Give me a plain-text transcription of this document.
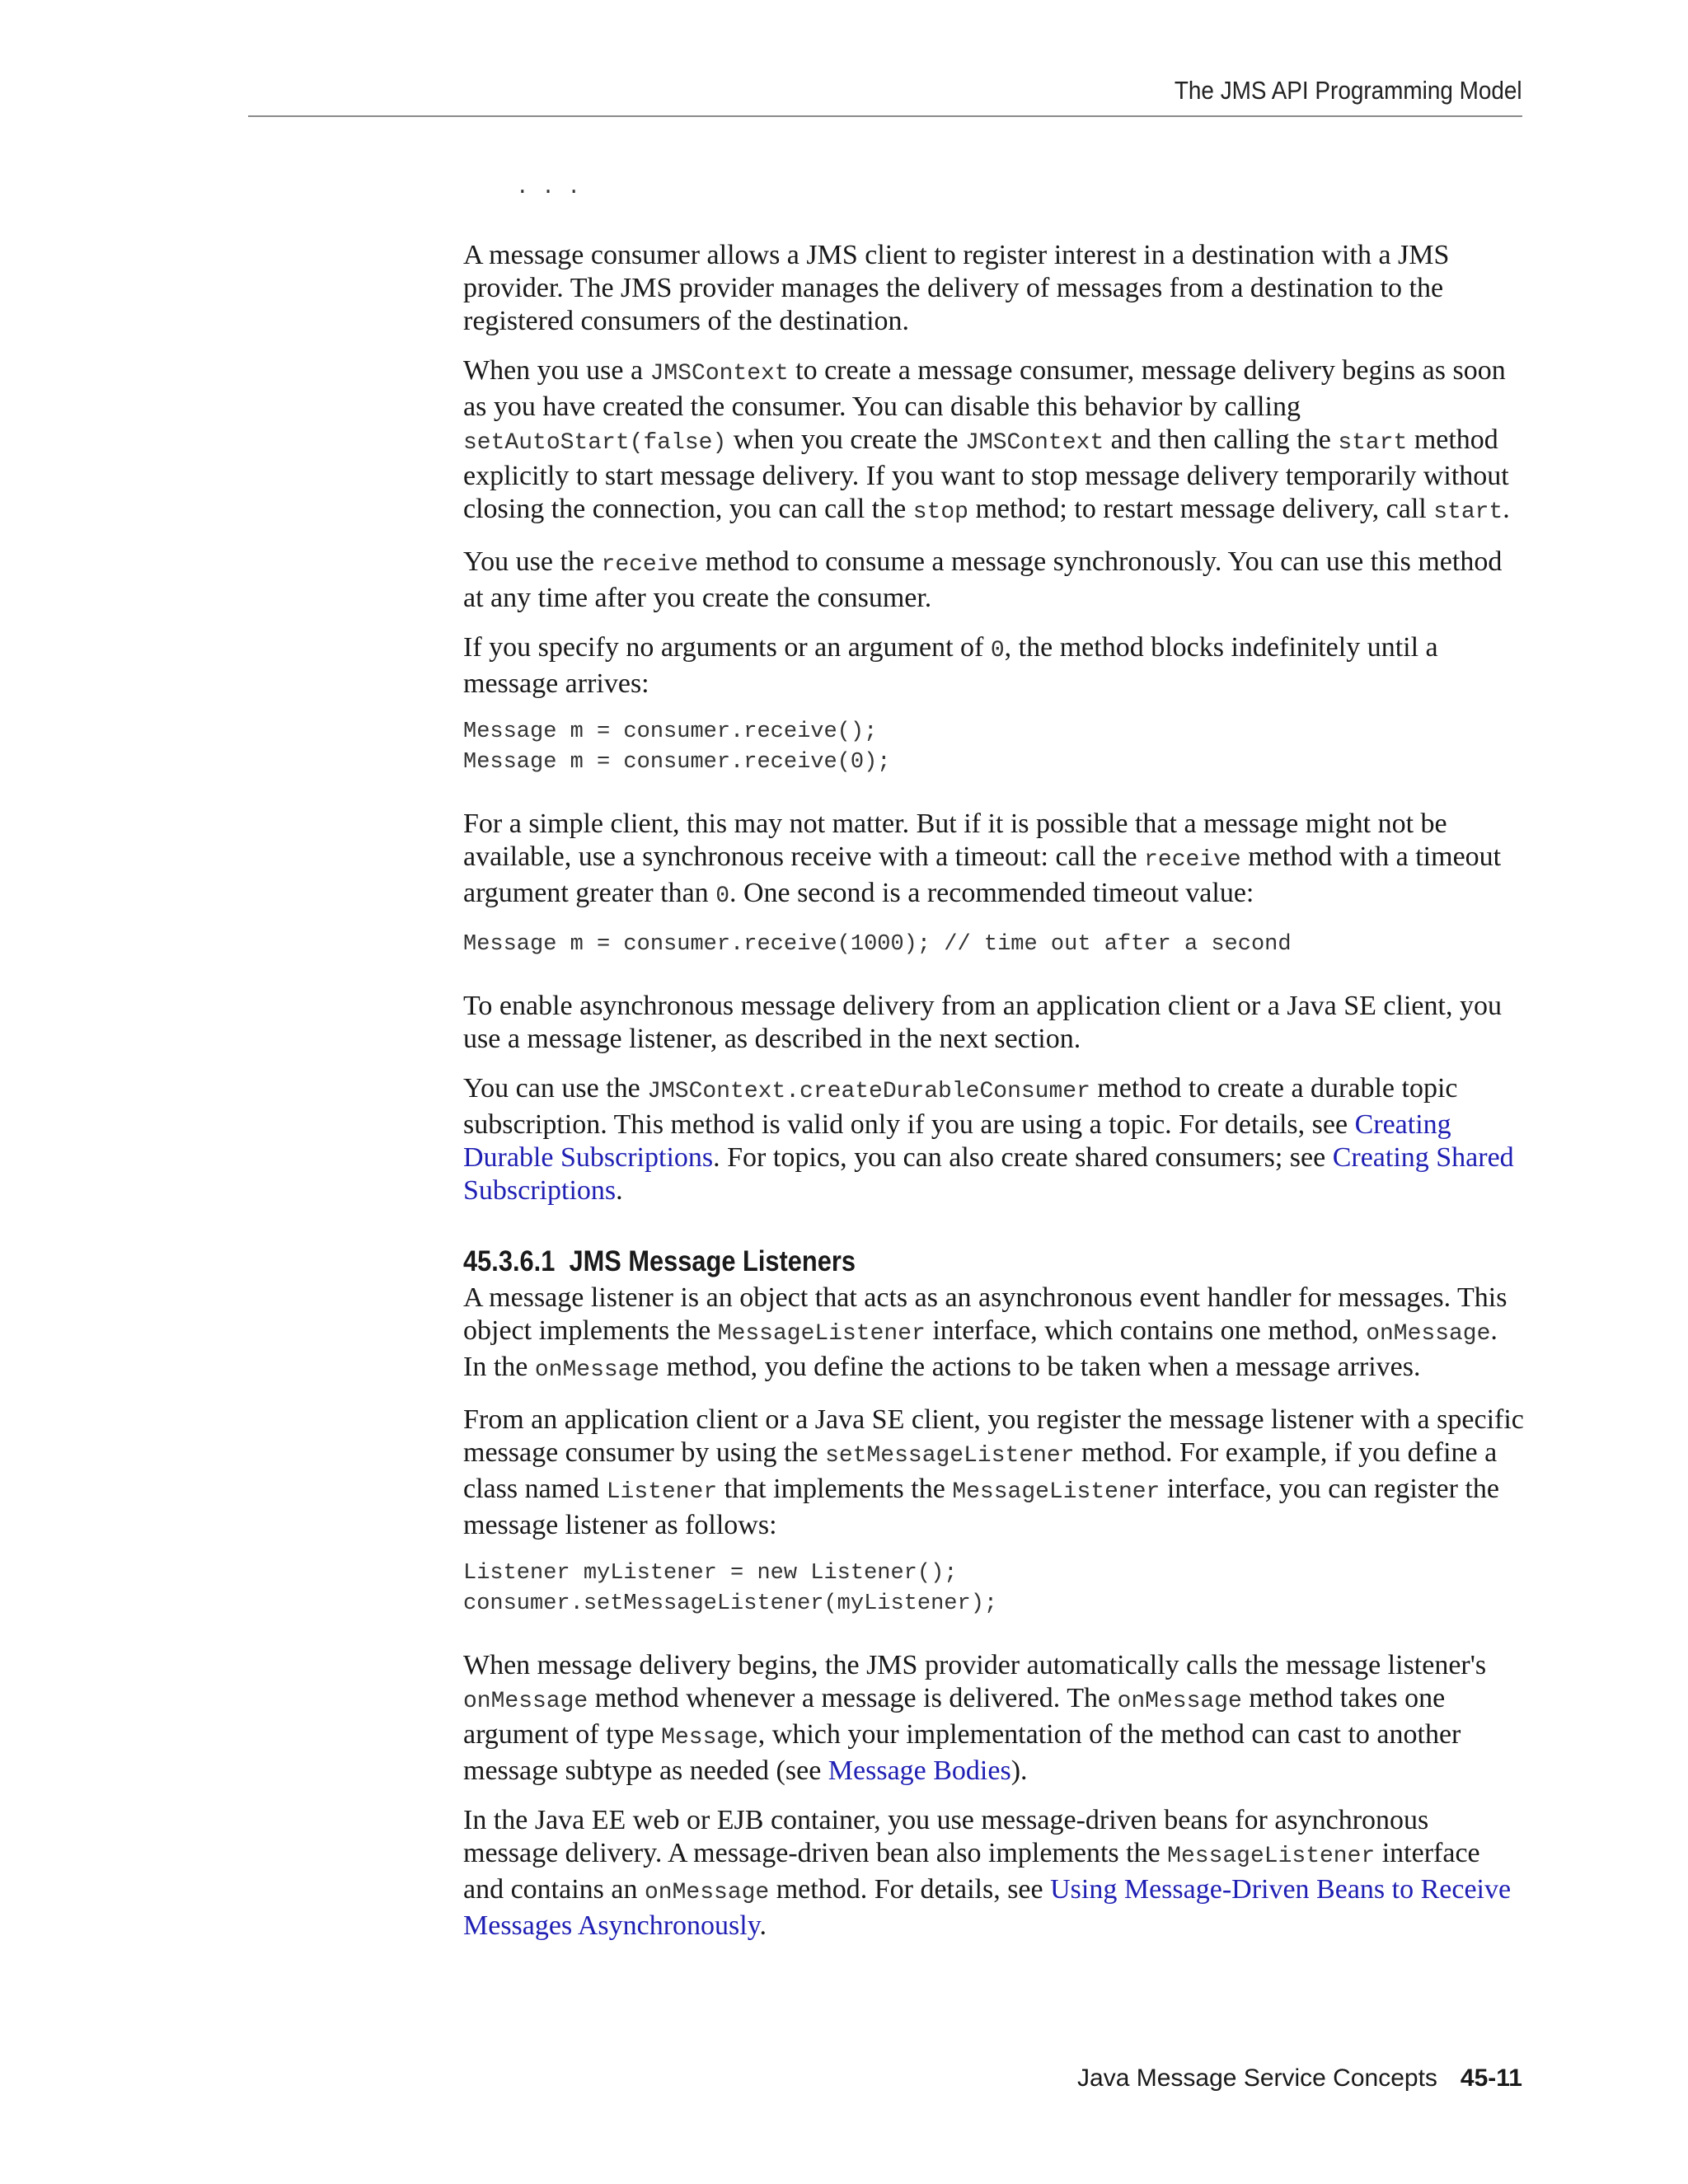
The JMS API Programming Model
. . .

A message consumer allows a JMS client to register interest in a destination with a JMS provider. The JMS provider manages the delivery of messages from a destination to the registered consumers of the destination.

When you use a JMSContext to create a message consumer, message delivery begins as soon as you have created the consumer. You can disable this behavior by calling setAutoStart(false) when you create the JMSContext and then calling the start method explicitly to start message delivery. If you want to stop message delivery temporarily without closing the connection, you can call the stop method; to restart message delivery, call start.

You use the receive method to consume a message synchronously. You can use this method at any time after you create the consumer.

If you specify no arguments or an argument of 0, the method blocks indefinitely until a message arrives:

Message m = consumer.receive();
Message m = consumer.receive(0);

For a simple client, this may not matter. But if it is possible that a message might not be available, use a synchronous receive with a timeout: call the receive method with a timeout argument greater than 0. One second is a recommended timeout value:

Message m = consumer.receive(1000); // time out after a second

To enable asynchronous message delivery from an application client or a Java SE client, you use a message listener, as described in the next section.

You can use the JMSContext.createDurableConsumer method to create a durable topic subscription. This method is valid only if you are using a topic. For details, see Creating Durable Subscriptions. For topics, you can also create shared consumers; see Creating Shared Subscriptions.

45.3.6.1 JMS Message Listeners

A message listener is an object that acts as an asynchronous event handler for messages. This object implements the MessageListener interface, which contains one method, onMessage. In the onMessage method, you define the actions to be taken when a message arrives.

From an application client or a Java SE client, you register the message listener with a specific message consumer by using the setMessageListener method. For example, if you define a class named Listener that implements the MessageListener interface, you can register the message listener as follows:

Listener myListener = new Listener();
consumer.setMessageListener(myListener);

When message delivery begins, the JMS provider automatically calls the message listener's onMessage method whenever a message is delivered. The onMessage method takes one argument of type Message, which your implementation of the method can cast to another message subtype as needed (see Message Bodies).

In the Java EE web or EJB container, you use message-driven beans for asynchronous message delivery. A message-driven bean also implements the MessageListener interface and contains an onMessage method. For details, see Using Message-Driven Beans to Receive Messages Asynchronously.

Java Message Service Concepts 45-11
